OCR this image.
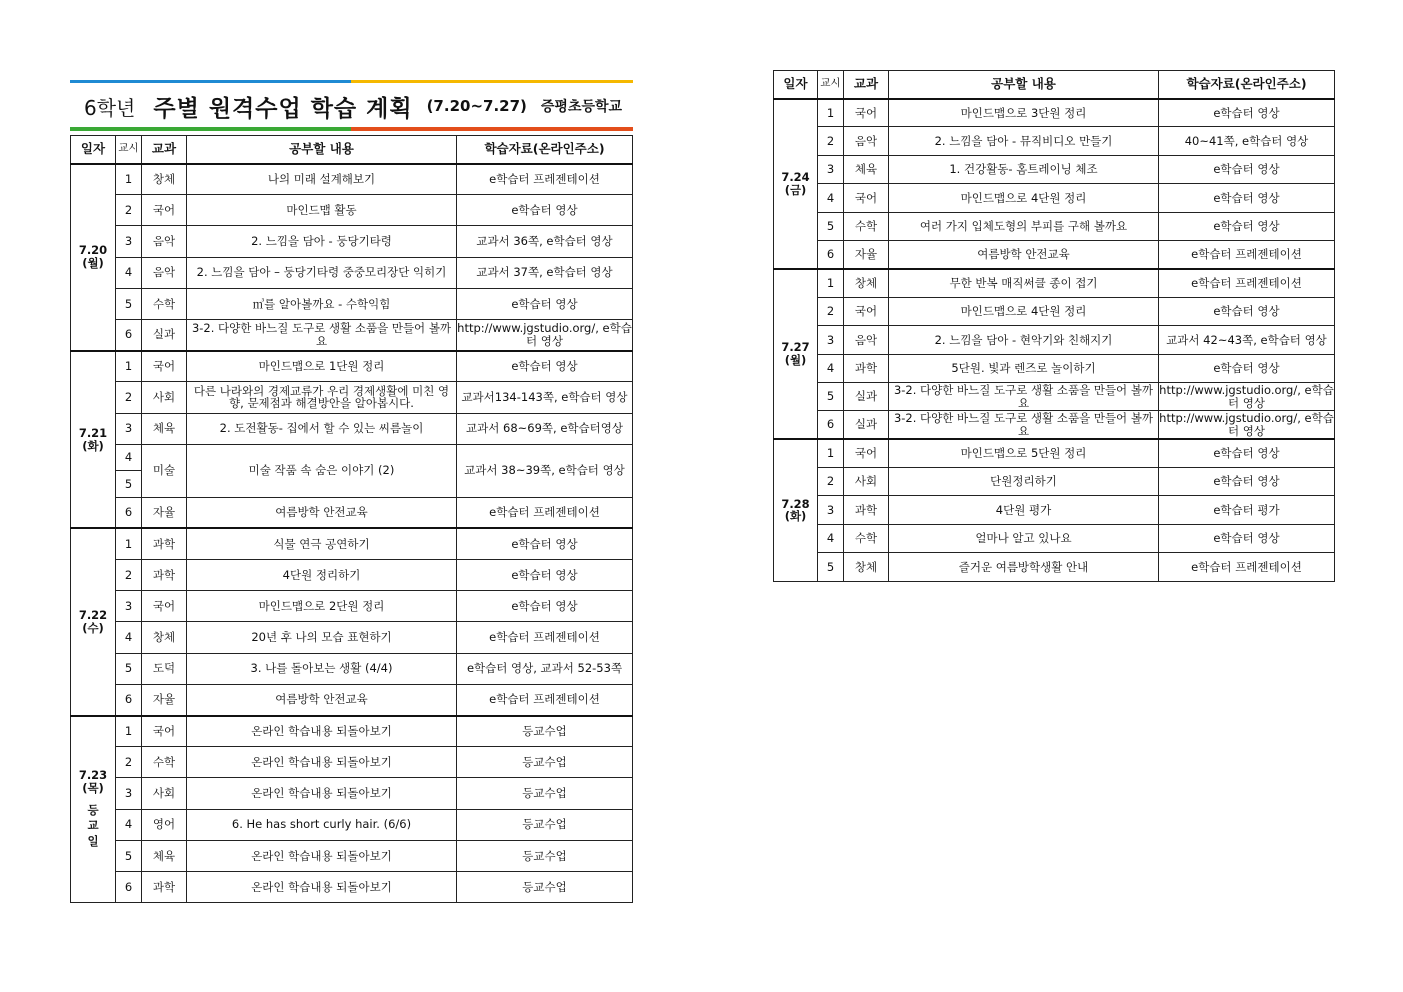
6학년 주별 원격수업 학습 계획 (7.20~7.27) 증평초등학교
일자	교시	교과	공부할 내용	학습자료(온라인주소)

7.20
(월)	1	창체	나의 미래 설계해보기	e학습터 프레젠테이션
	2	국어	마인드맵 활동	e학습터 영상
	3	음악	2. 느낌을 담아 - 둥당기타령	교과서 36쪽, e학습터 영상
	4	음악	2. 느낌을 담아 – 둥당기타령 중중모리장단 익히기	교과서 37쪽, e학습터 영상
	5	수학	㎥를 알아볼까요 - 수학익힘	e학습터 영상
	6	실과	3-2. 다양한 바느질 도구로 생활 소품을 만들어 볼까요	http://www.jgstudio.org/, e학습터 영상

7.21
(화)	1	국어	마인드맵으로 1단원 정리	e학습터 영상
	2	사회	다른 나라와의 경제교류가 우리 경제생활에 미친 영향, 문제점과 해결방안을 알아봅시다.	교과서134-143쪽, e학습터 영상
	3	체육	2. 도전활동- 집에서 할 수 있는 씨름놀이	교과서 68~69쪽, e학습터영상
	4	미술	미술 작품 속 숨은 이야기 (2)	교과서 38~39쪽, e학습터 영상
	5			
	6	자율	여름방학 안전교육	e학습터 프레젠테이션

7.22
(수)	1	과학	식물 연극 공연하기	e학습터 영상
	2	과학	4단원 정리하기	e학습터 영상
	3	국어	마인드맵으로 2단원 정리	e학습터 영상
	4	창체	20년 후 나의 모습 표현하기	e학습터 프레젠테이션
	5	도덕	3. 나를 돌아보는 생활 (4/4)	e학습터 영상, 교과서 52-53쪽
	6	자율	여름방학 안전교육	e학습터 프레젠테이션

7.23
(목)
등교일	1	국어	온라인 학습내용 되돌아보기	등교수업
	2	수학	온라인 학습내용 되돌아보기	등교수업
	3	사회	온라인 학습내용 되돌아보기	등교수업
	4	영어	6. He has short curly hair. (6/6)	등교수업
	5	체육	온라인 학습내용 되돌아보기	등교수업
	6	과학	온라인 학습내용 되돌아보기	등교수업
일자	교시	교과	공부할 내용	학습자료(온라인주소)

7.24
(금)	1	국어	마인드맵으로 3단원 정리	e학습터 영상
	2	음악	2. 느낌을 담아 - 뮤직비디오 만들기	40~41쪽, e학습터 영상
	3	체육	1. 건강활동- 홈트레이닝 체조	e학습터 영상
	4	국어	마인드맵으로 4단원 정리	e학습터 영상
	5	수학	여러 가지 입체도형의 부피를 구해 볼까요	e학습터 영상
	6	자율	여름방학 안전교육	e학습터 프레젠테이션

7.27
(월)	1	창체	무한 반복 매직써클 종이 접기	e학습터 프레젠테이션
	2	국어	마인드맵으로 4단원 정리	e학습터 영상
	3	음악	2. 느낌을 담아 - 현악기와 친해지기	교과서 42~43쪽, e학습터 영상
	4	과학	5단원. 빛과 렌즈로 놀이하기	e학습터 영상
	5	실과	3-2. 다양한 바느질 도구로 생활 소품을 만들어 볼까요	http://www.jgstudio.org/, e학습터 영상
	6	실과	3-2. 다양한 바느질 도구로 생활 소품을 만들어 볼까요	http://www.jgstudio.org/, e학습터 영상

7.28
(화)	1	국어	마인드맵으로 5단원 정리	e학습터 영상
	2	사회	단원정리하기	e학습터 영상
	3	과학	4단원 평가	e학습터 평가
	4	수학	얼마나 알고 있나요	e학습터 영상
	5	창체	즐거운 여름방학생활 안내	e학습터 프레젠테이션
